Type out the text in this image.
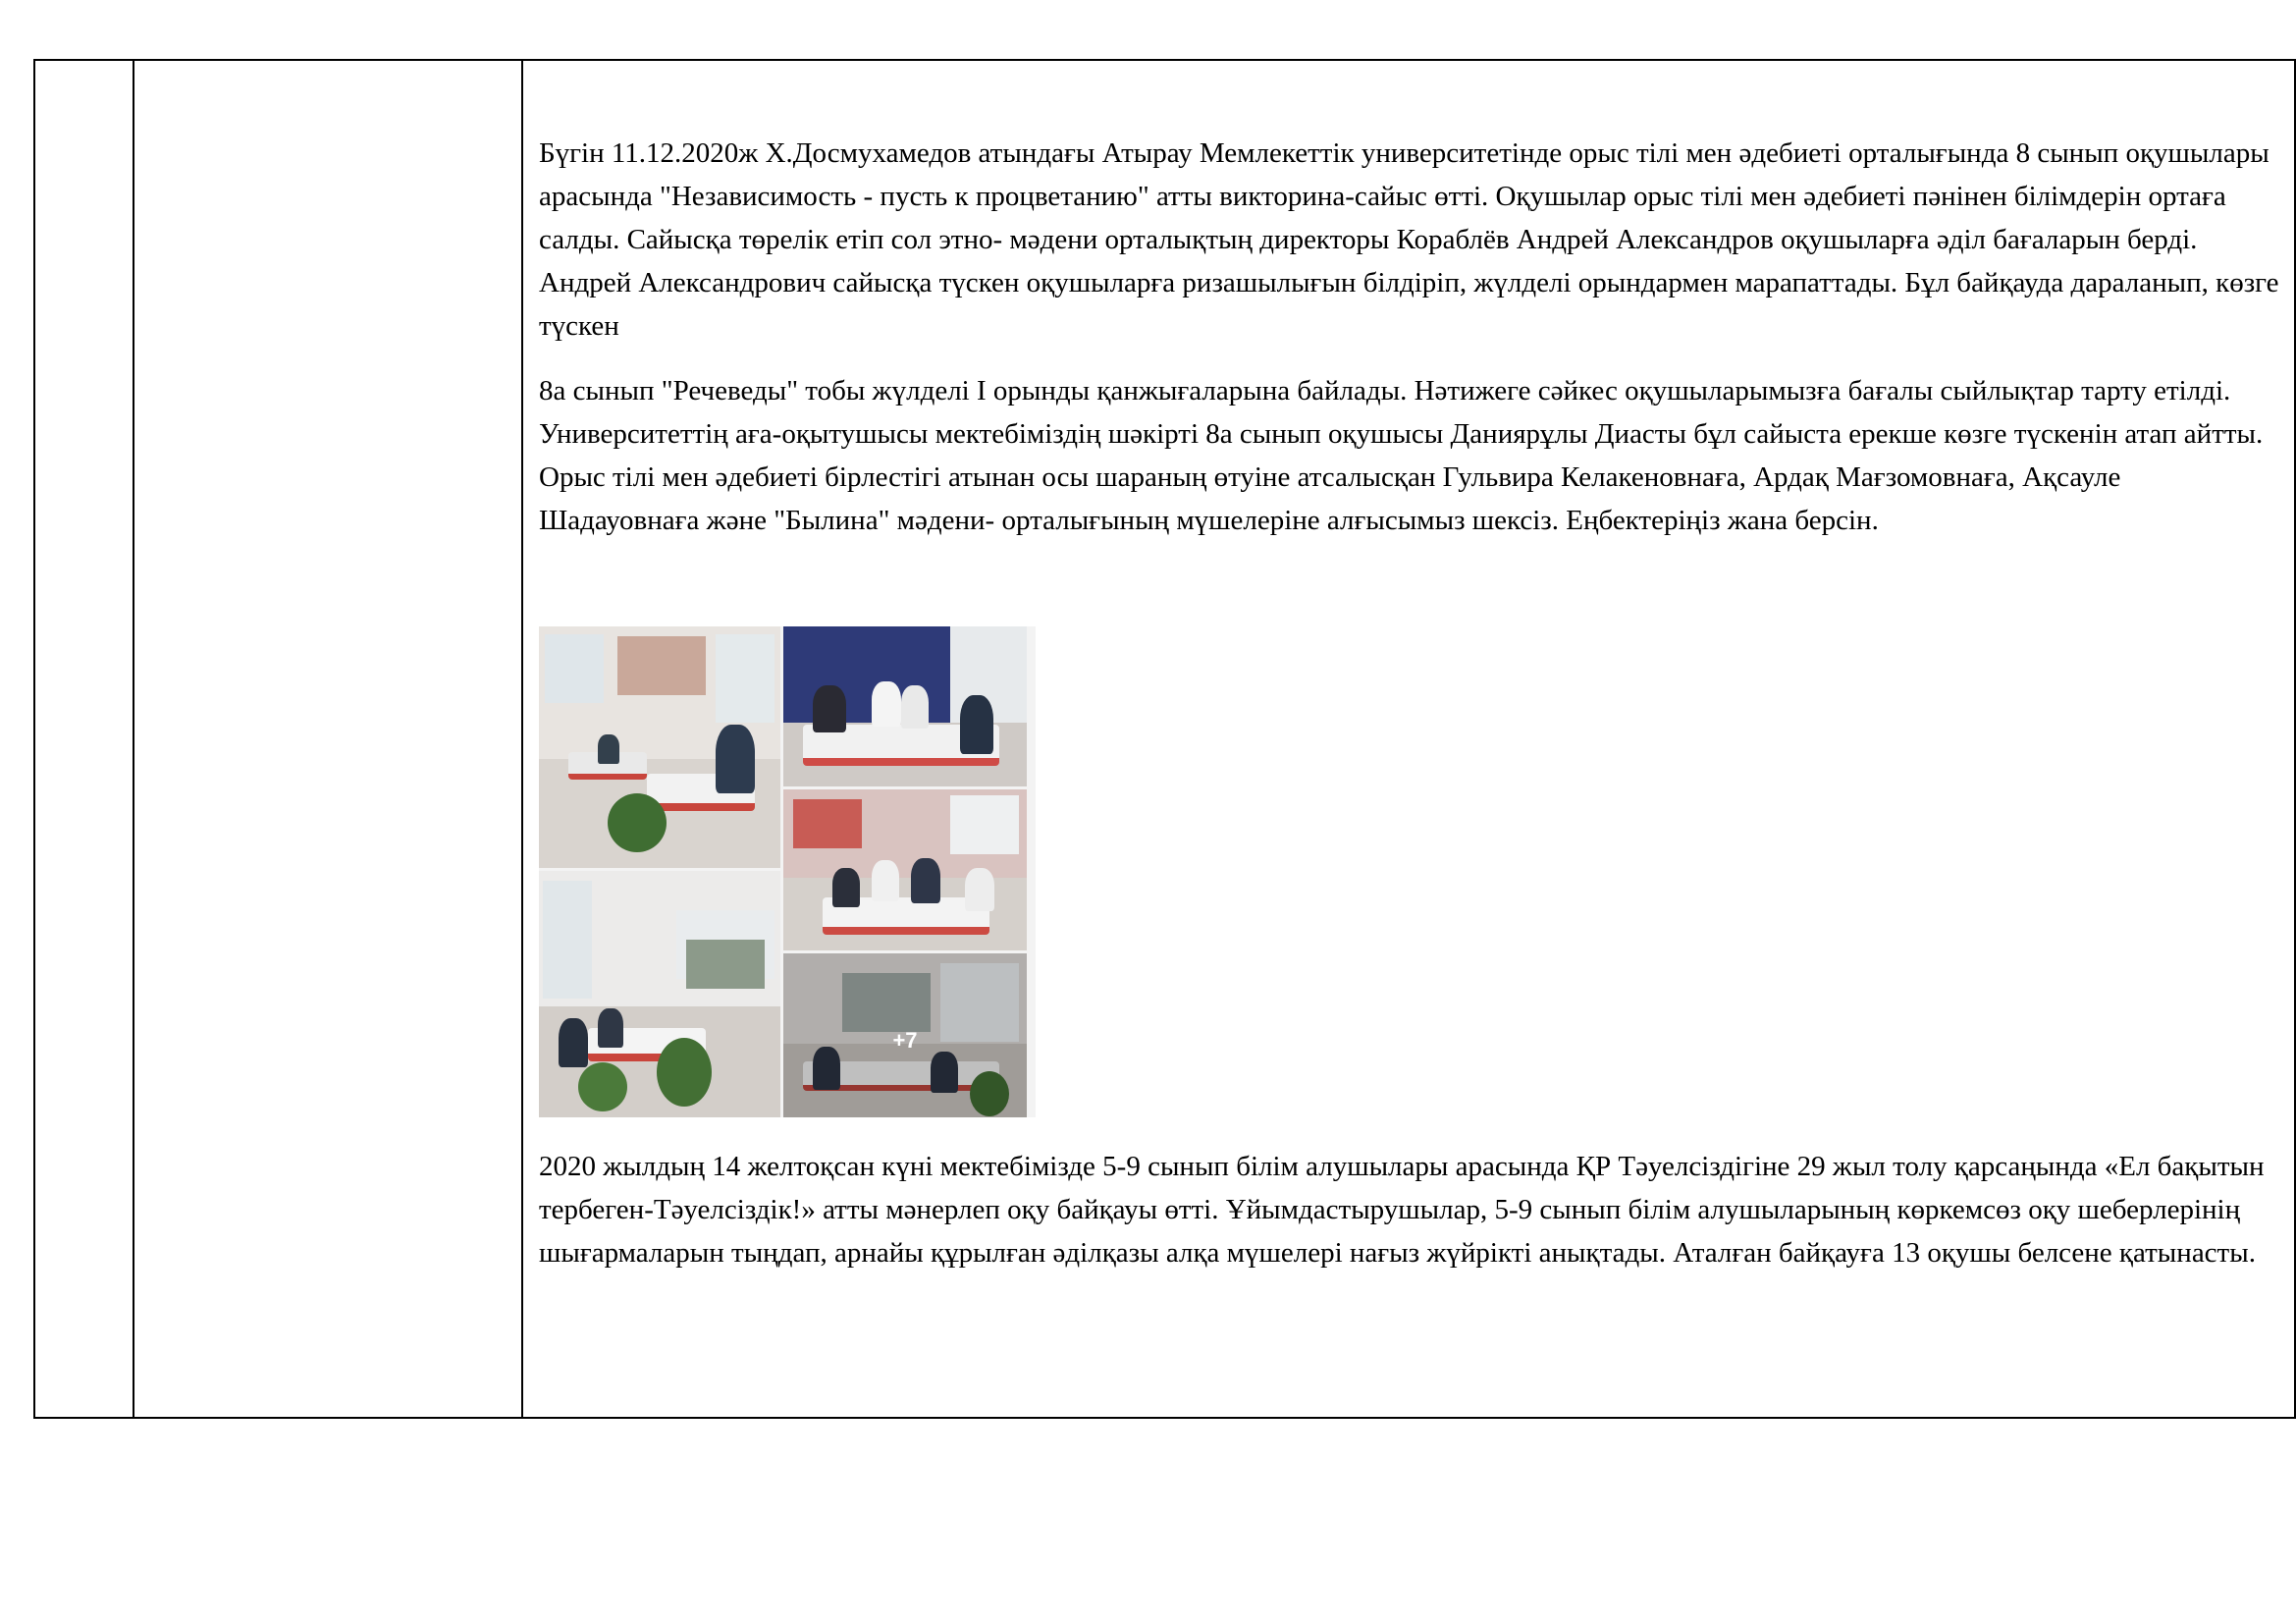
Бүгін 11.12.2020ж Х.Досмухамедов атындағы Атырау Мемлекеттік университетінде орыс тілі мен әдебиеті орталығында 8 сынып оқушылары арасында "Независимость - пусть к процветанию" атты викторина-сайыс өтті. Оқушылар орыс тілі мен әдебиеті пәнінен білімдерін ортаға салды. Сайысқа төрелік етіп сол этно- мәдени орталықтың директоры Кораблёв Андрей Александров оқушыларға әділ бағаларын берді. Андрей Александрович сайысқа түскен оқушыларға ризашылығын білдіріп, жүлделі орындармен марапаттады. Бұл байқауда дараланып, көзге түскен

8а сынып "Речеведы" тобы жүлделі І орынды қанжығаларына байлады. Нәтижеге сәйкес оқушыларымызға бағалы сыйлықтар тарту етілді. Университеттің аға-оқытушысы мектебіміздің шәкірті 8а сынып оқушысы Даниярұлы Диасты бұл сайыста ерекше көзге түскенін атап айтты. Орыс тілі мен әдебиеті бірлестігі атынан осы шараның өтуіне атсалысқан Гульвира Келакеновнаға, Ардақ Мағзомовнаға, Ақсауле Шадауовнаға және "Былина" мәдени- орталығының мүшелеріне алғысымыз шексіз. Еңбектеріңіз жана берсін.

+7

2020 жылдың 14 желтоқсан күні мектебімізде 5-9 сынып білім алушылары арасында ҚР Тәуелсіздігіне 29 жыл толу қарсаңында «Ел бақытын тербеген-Тәуелсіздік!» атты мәнерлеп оқу байқауы өтті. Ұйымдастырушылар, 5-9 сынып білім алушыларының көркемсөз оқу шеберлерінің шығармаларын тыңдап, арнайы құрылған әділқазы алқа мүшелері нағыз жүйрікті анықтады. Аталған байқауға 13 оқушы белсене қатынасты.
